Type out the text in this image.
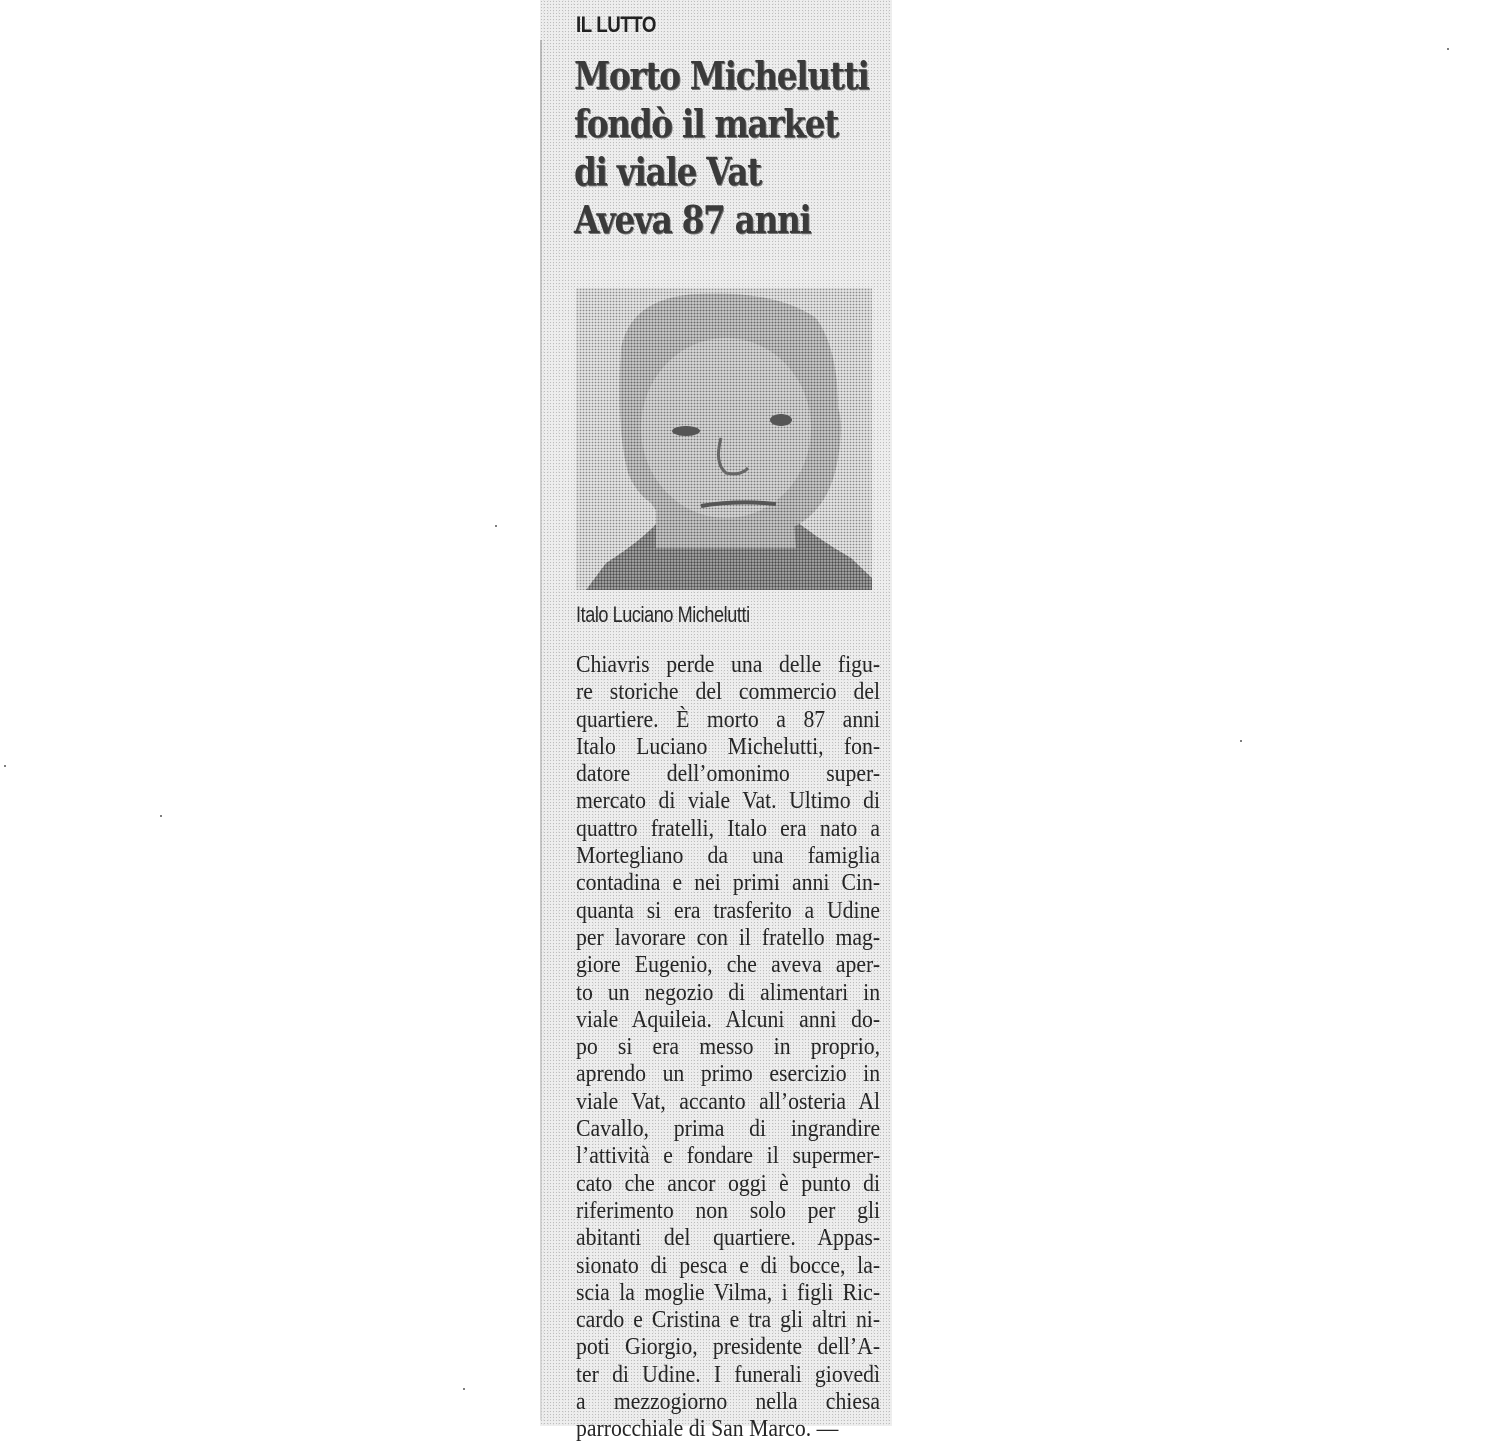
IL LUTTO
Morto Michelutti
fondò il market
di viale Vat
Aveva 87 anni
Italo Luciano Michelutti
Chiavris perde una delle figu-
re storiche del commercio del
quartiere. È morto a 87 anni
Italo Luciano Michelutti, fon-
datore dell’omonimo super-
mercato di viale Vat. Ultimo di
quattro fratelli, Italo era nato a
Mortegliano da una famiglia
contadina e nei primi anni Cin-
quanta si era trasferito a Udine
per lavorare con il fratello mag-
giore Eugenio, che aveva aper-
to un negozio di alimentari in
viale Aquileia. Alcuni anni do-
po si era messo in proprio,
aprendo un primo esercizio in
viale Vat, accanto all’osteria Al
Cavallo, prima di ingrandire
l’attività e fondare il supermer-
cato che ancor oggi è punto di
riferimento non solo per gli
abitanti del quartiere. Appas-
sionato di pesca e di bocce, la-
scia la moglie Vilma, i figli Ric-
cardo e Cristina e tra gli altri ni-
poti Giorgio, presidente dell’A-
ter di Udine. I funerali giovedì
a mezzogiorno nella chiesa
parrocchiale di San Marco. —
